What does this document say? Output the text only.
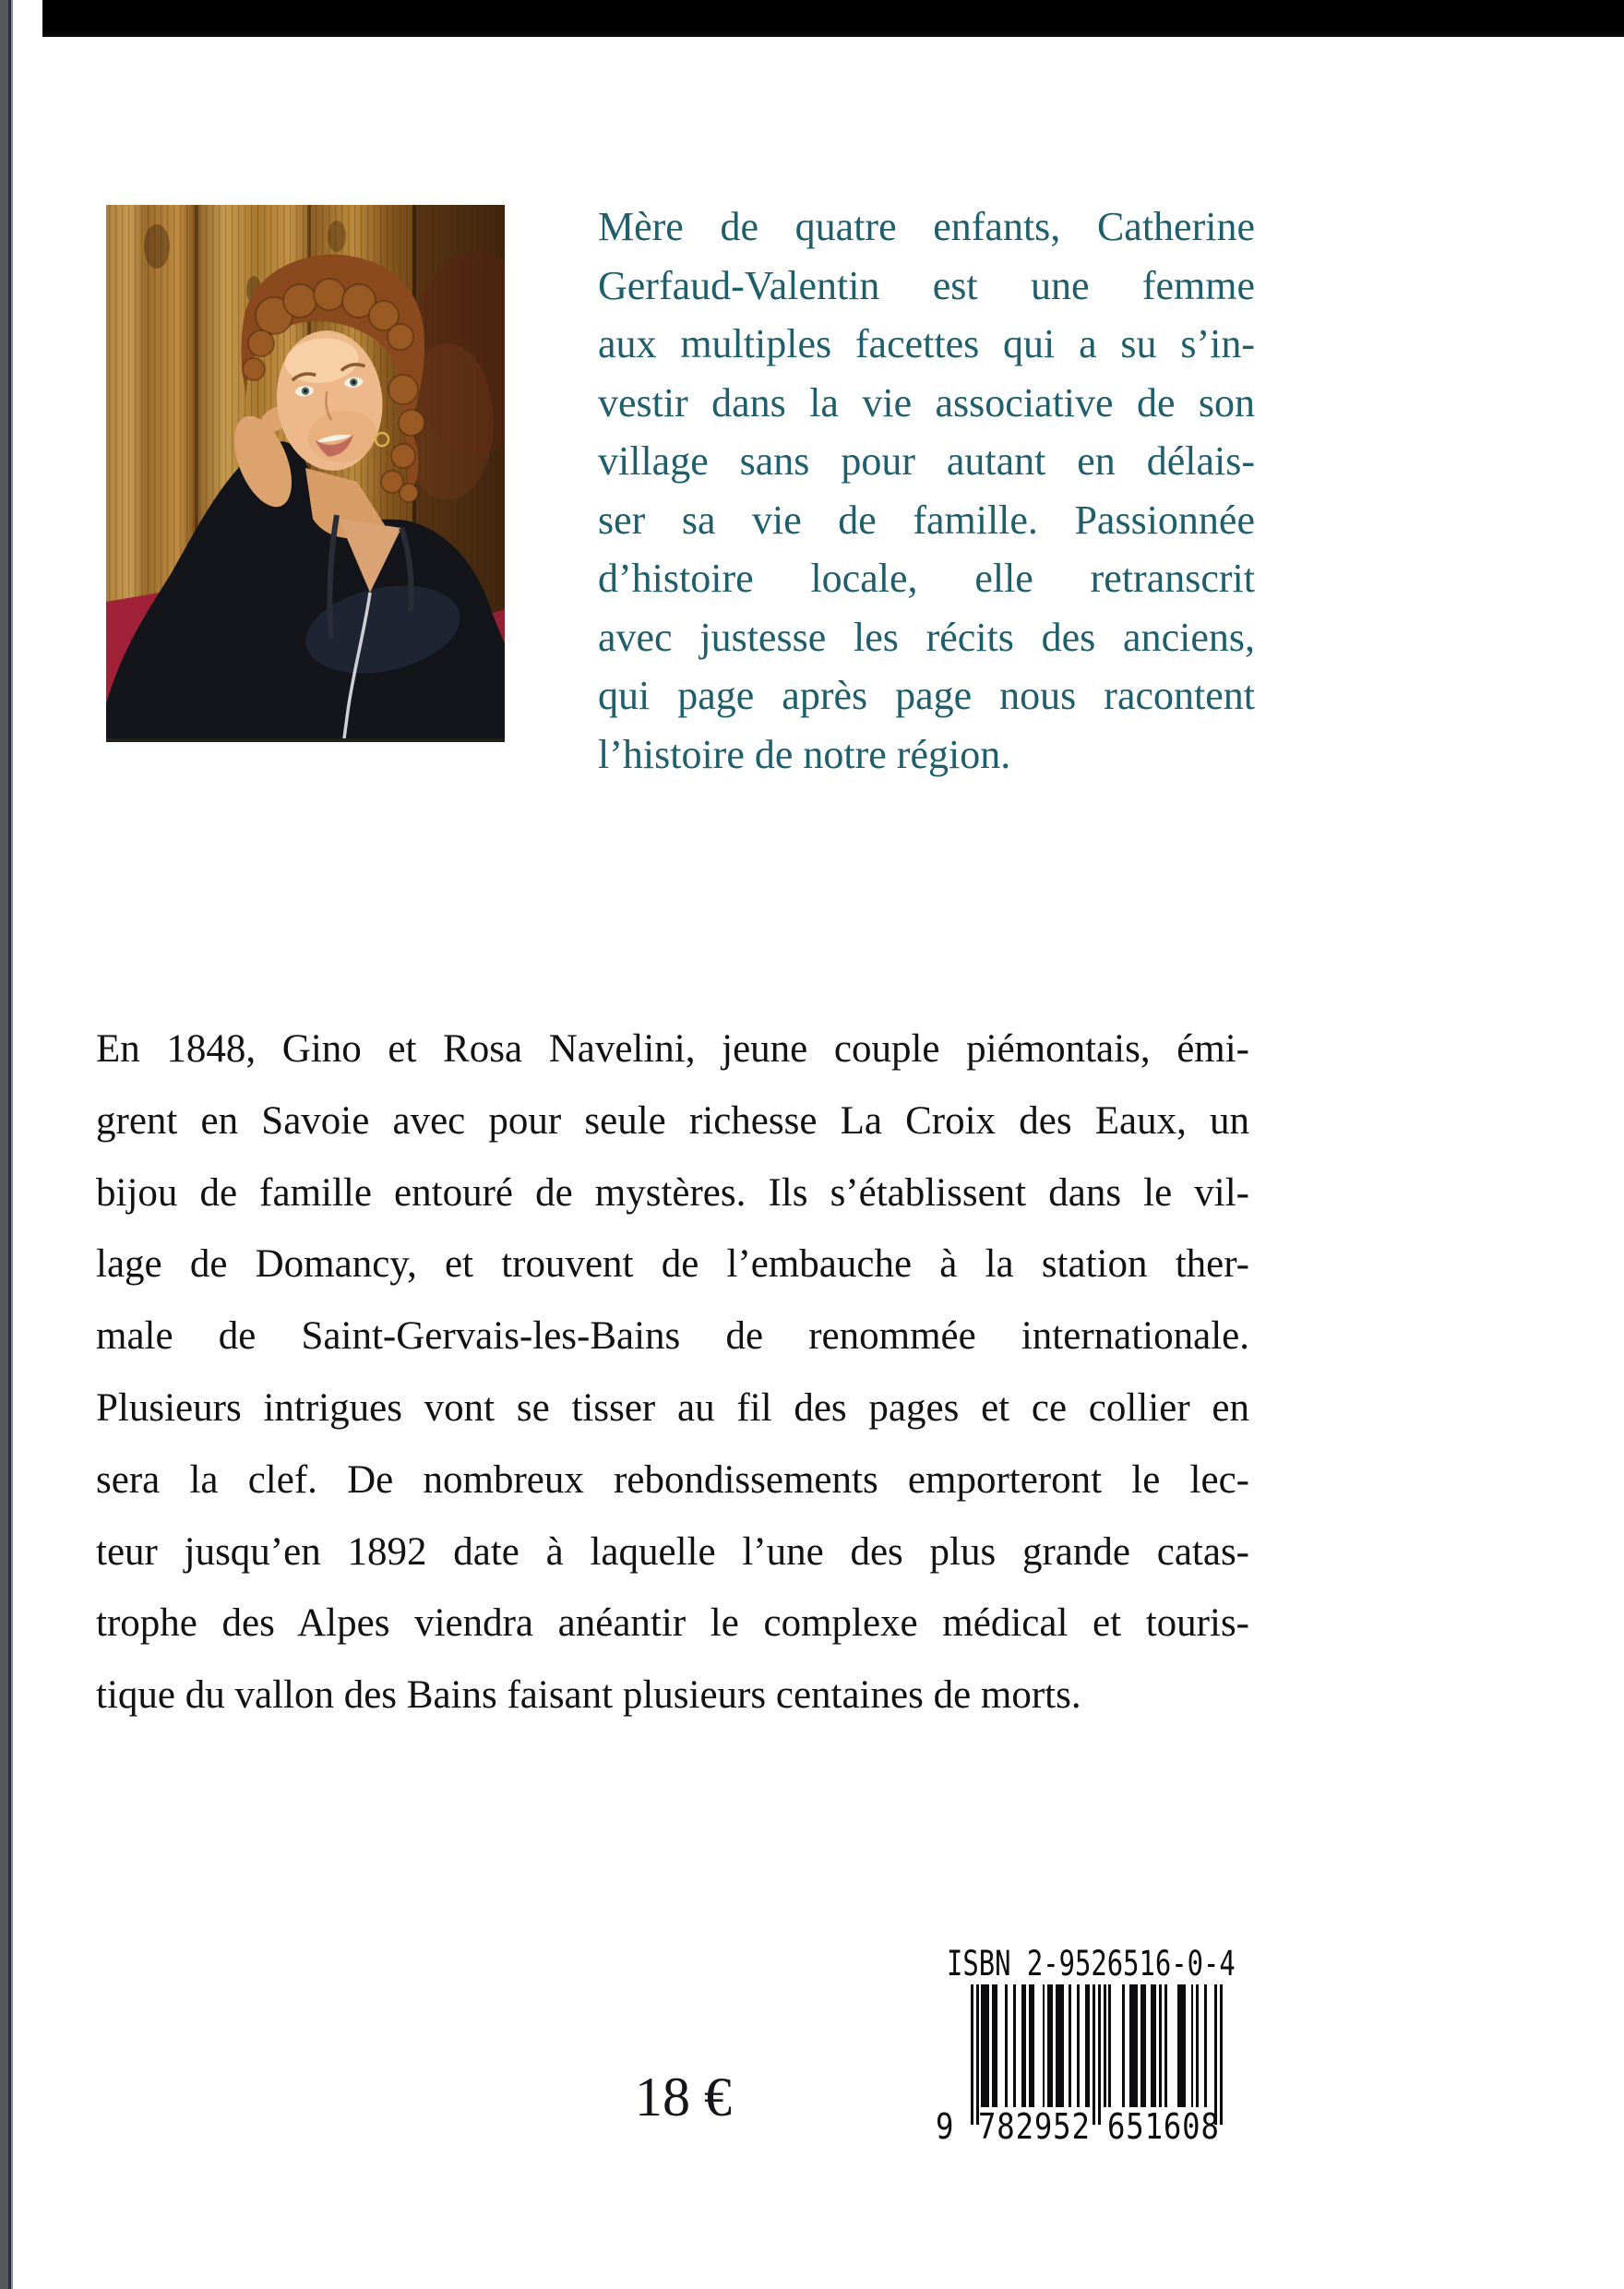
Mère de quatre enfants, Catherine
Gerfaud-Valentin est une femme
aux multiples facettes qui a su s’in-
vestir dans la vie associative de son
village sans pour autant en délais-
ser sa vie de famille. Passionnée
d’histoire locale, elle retranscrit
avec justesse les récits des anciens,
qui page après page nous racontent
l’histoire de notre région.
En 1848, Gino et Rosa Navelini, jeune couple piémontais, émi-
grent en Savoie avec pour seule richesse La Croix des Eaux, un
bijou de famille entouré de mystères. Ils s’établissent dans le vil-
lage de Domancy, et trouvent de l’embauche à la station ther-
male de Saint-Gervais-les-Bains de renommée internationale.
Plusieurs intrigues vont se tisser au fil des pages et ce collier en
sera la clef. De nombreux rebondissements emporteront le lec-
teur jusqu’en 1892 date à laquelle l’une des plus grande catas-
trophe des Alpes viendra anéantir le complexe médical et touris-
tique du vallon des Bains faisant plusieurs centaines de morts.
18 €
ISBN 2-9526516-0-4
9 782952 651608
